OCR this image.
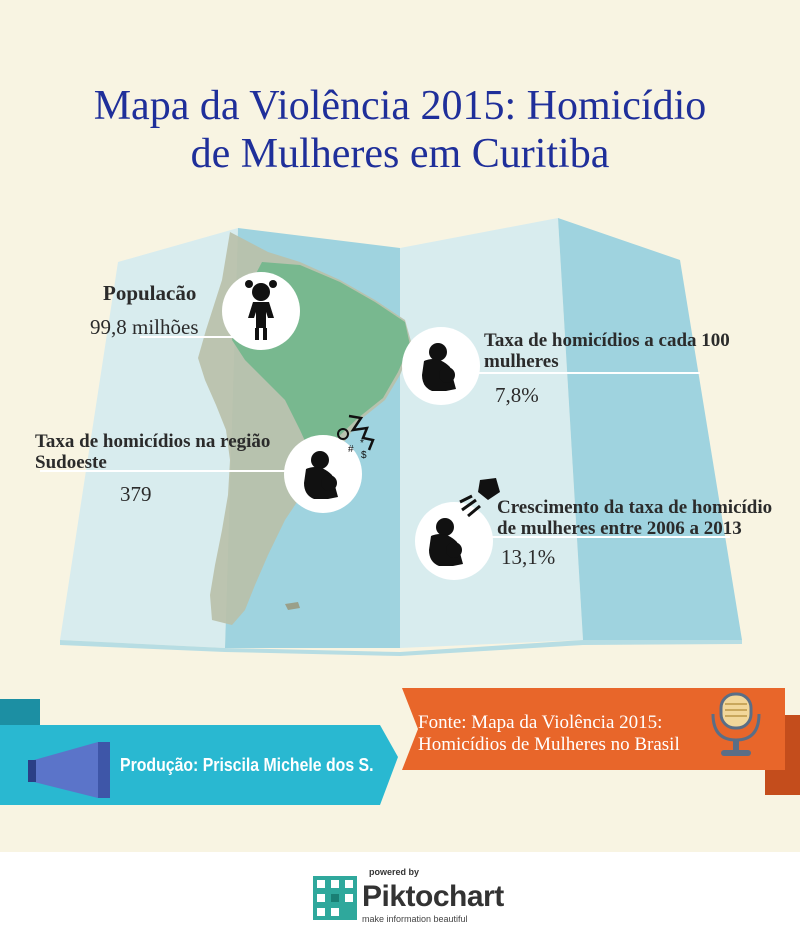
Mapa da Violência 2015: Homicídio
de Mulheres em Curitiba
Populacão
99,8 milhões
Taxa de homicídios a cada 100
mulheres
7,8%
Taxa de homicídios na região
Sudoeste
379
#
*
$
Crescimento da taxa de homicídio
de mulheres entre 2006 a 2013
13,1%
Produção: Priscila Michele dos S.
Fonte: Mapa da Violência 2015:
Homicídios de Mulheres no Brasil
powered by
Piktochart
make information beautiful
